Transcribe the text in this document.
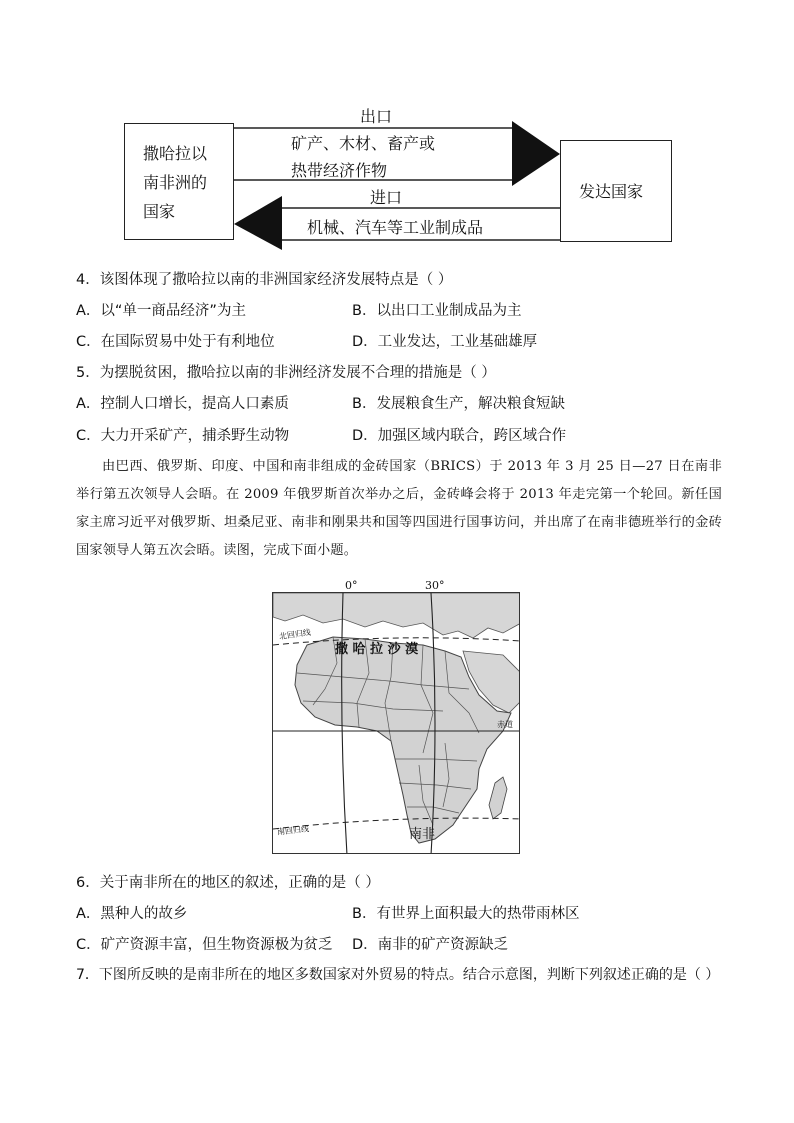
撒哈拉以
南非洲的
国家
发达国家
出口
矿产、木材、畜产或
热带经济作物
进口
机械、汽车等工业制成品
4．该图体现了撒哈拉以南的非洲国家经济发展特点是（ ）
A．以“单一商品经济”为主	B．以出口工业制成品为主
C．在国际贸易中处于有利地位	D．工业发达，工业基础雄厚
5．为摆脱贫困，撒哈拉以南的非洲经济发展不合理的措施是（ ）
A．控制人口增长，提高人口素质	B．发展粮食生产，解决粮食短缺
C．大力开采矿产，捕杀野生动物	D．加强区域内联合，跨区域合作
由巴西、俄罗斯、印度、中国和南非组成的金砖国家（BRICS）于 2013 年 3 月 25 日—27 日在南非举行第五次领导人会晤。在 2009 年俄罗斯首次举办之后，金砖峰会将于 2013 年走完第一个轮回。新任国家主席习近平对俄罗斯、坦桑尼亚、南非和刚果共和国等四国进行国事访问，并出席了在南非德班举行的金砖国家领导人第五次会晤。读图，完成下面小题。
0°	30°
撒 哈 拉 沙 漠
北回归线
赤道
南回归线	南非
6．关于南非所在的地区的叙述，正确的是（ ）
A．黑种人的故乡	B．有世界上面积最大的热带雨林区
C．矿产资源丰富，但生物资源极为贫乏 D．南非的矿产资源缺乏
7．下图所反映的是南非所在的地区多数国家对外贸易的特点。结合示意图，判断下列叙述正确的是（ ）
